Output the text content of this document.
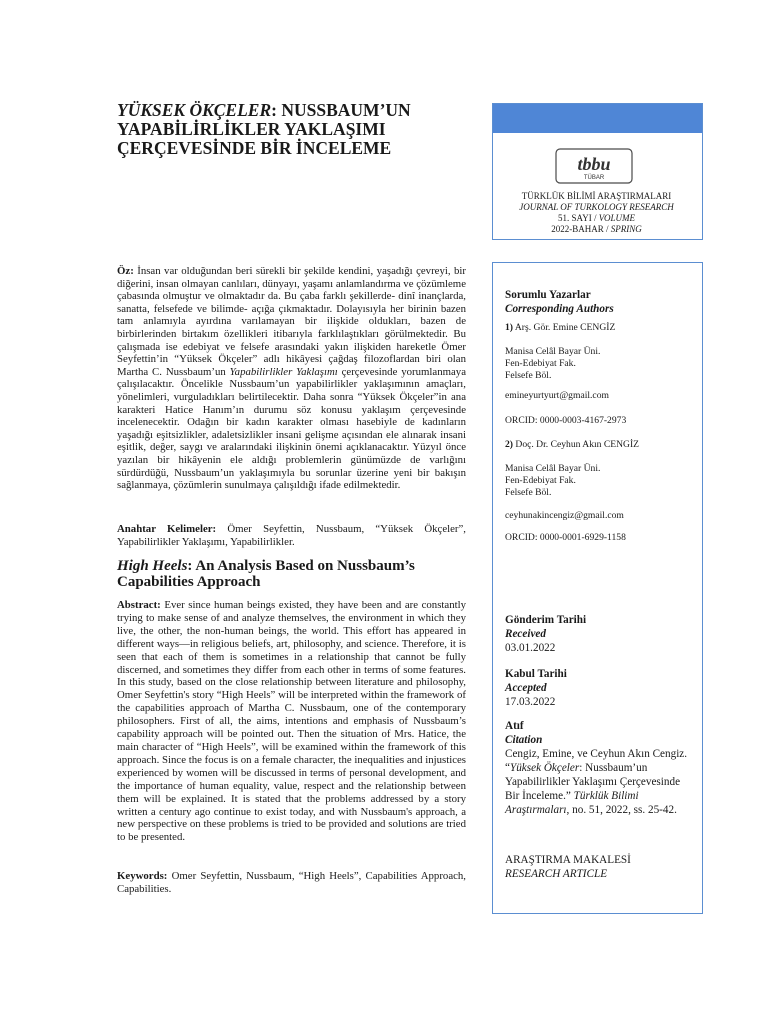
YÜKSEK ÖKÇELER: NUSSBAUM’UN
YAPABİLİRLİKLER YAKLAŞIMI
ÇERÇEVESİNDE BİR İNCELEME

Öz: İnsan var olduğundan beri sürekli bir şekilde kendini, yaşadığı çevreyi, bir diğerini, insan olmayan canlıları, dünyayı, yaşamı anlamlandırma ve çözümleme çabasında olmuştur ve olmaktadır da. Bu çaba farklı şekillerde- dinî inançlarda, sanatta, felsefede ve bilimde- açığa çıkmaktadır. Dolayısıyla her birinin bazen tam anlamıyla ayırdına varılamayan bir ilişkide oldukları, bazen de birbirlerinden birtakım özellikleri itibarıyla farklılaştıkları görülmektedir. Bu çalışmada ise edebiyat ve felsefe arasındaki yakın ilişkiden hareketle Ömer Seyfettin’in “Yüksek Ökçeler” adlı hikâyesi çağdaş filozoflardan biri olan Martha C. Nussbaum’un Yapabilirlikler Yaklaşımı çerçevesinde yorumlanmaya çalışılacaktır. Öncelikle Nussbaum’un yapabilirlikler yaklaşımının amaçları, yönelimleri, vurguladıkları belirtilecektir. Daha sonra “Yüksek Ökçeler”in ana karakteri Hatice Hanım’ın durumu söz konusu yaklaşım çerçevesinde incelenecektir. Odağın bir kadın karakter olması hasebiyle de kadınların yaşadığı eşitsizlikler, adaletsizlikler insani gelişme açısından ele alınarak insani eşitlik, değer, saygı ve aralarındaki ilişkinin önemi açıklanacaktır. Yüzyıl önce yazılan bir hikâyenin ele aldığı problemlerin günümüzde de varlığını sürdürdüğü, Nussbaum’un yaklaşımıyla bu sorunlar üzerine yeni bir bakışın sağlanmaya, çözümlerin sunulmaya çalışıldığı ifade edilmektedir.

Anahtar Kelimeler: Ömer Seyfettin, Nussbaum, “Yüksek Ökçeler”, Yapabilirlikler Yaklaşımı, Yapabilirlikler.

High Heels: An Analysis Based on Nussbaum’s Capabilities Approach

Abstract: Ever since human beings existed, they have been and are constantly trying to make sense of and analyze themselves, the environment in which they live, the other, the non-human beings, the world. This effort has appeared in different ways—in religious beliefs, art, philosophy, and science. Therefore, it is seen that each of them is sometimes in a relationship that cannot be fully discerned, and sometimes they differ from each other in terms of some features. In this study, based on the close relationship between literature and philosophy, Omer Seyfettin's story “High Heels” will be interpreted within the framework of the capabilities approach of Martha C. Nussbaum, one of the contemporary philosophers. First of all, the aims, intentions and emphasis of Nussbaum’s capability approach will be pointed out. Then the situation of Mrs. Hatice, the main character of “High Heels”, will be examined within the framework of this approach. Since the focus is on a female character, the inequalities and injustices experienced by women will be discussed in terms of personal development, and the importance of human equality, value, respect and the relationship between them will be explained. It is stated that the problems addressed by a story written a century ago continue to exist today, and with Nussbaum's approach, a new perspective on these problems is tried to be provided and solutions are tried to be presented.

Keywords: Omer Seyfettin, Nussbaum, “High Heels”, Capabilities Approach, Capabilities.

tbbu
TÜBAR
TÜRKLÜK BİLİMİ ARAŞTIRMALARI
JOURNAL OF TURKOLOGY RESEARCH
51. SAYI / VOLUME
2022-BAHAR / SPRING
Sorumlu Yazarlar
Corresponding Authors
1) Arş. Gör. Emine CENGİZ
Manisa Celâl Bayar Üni.
Fen-Edebiyat Fak.
Felsefe Böl.
emineyurtyurt@gmail.com
ORCID: 0000-0003-4167-2973
2) Doç. Dr. Ceyhun Akın CENGİZ
Manisa Celâl Bayar Üni.
Fen-Edebiyat Fak.
Felsefe Böl.
ceyhunakincengiz@gmail.com
ORCID: 0000-0001-6929-1158
Gönderim Tarihi
Received
03.01.2022
Kabul Tarihi
Accepted
17.03.2022
Atıf
Citation
Cengiz, Emine, ve Ceyhun Akın Cengiz. “Yüksek Ökçeler: Nussbaum’un Yapabilirlikler Yaklaşımı Çerçevesinde Bir İnceleme.” Türklük Bilimi Araştırmaları, no. 51, 2022, ss. 25-42.
ARAŞTIRMA MAKALESİ
RESEARCH ARTICLE
